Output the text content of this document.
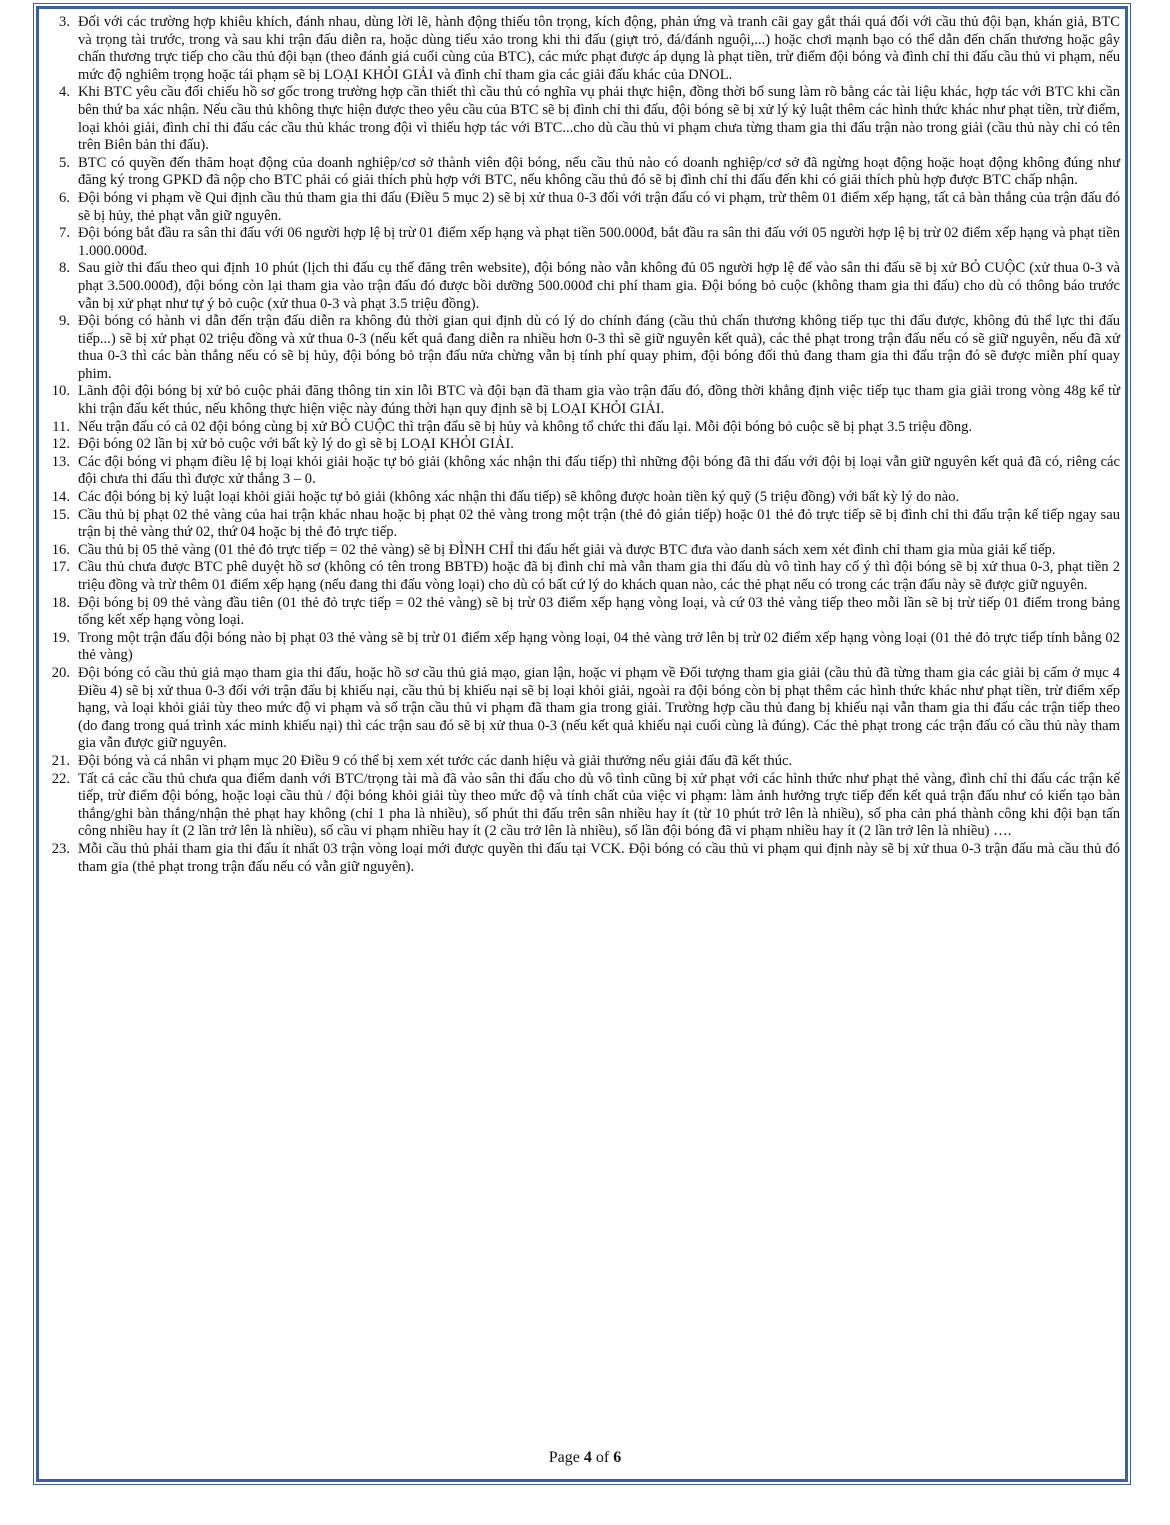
3. Đối với các trường hợp khiêu khích, đánh nhau, dùng lời lẽ, hành động thiếu tôn trọng, kích động, phản ứng và tranh cãi gay gắt thái quá đối với cầu thủ đội bạn, khán giả, BTC và trọng tài trước, trong và sau khi trận đấu diễn ra, hoặc dùng tiểu xảo trong khi thi đấu (giựt trỏ, đá/đánh nguội,...) hoặc chơi mạnh bạo có thể dẫn đến chấn thương hoặc gây chấn thương trực tiếp cho cầu thủ đội bạn (theo đánh giá cuối cùng của BTC), các mức phạt được áp dụng là phạt tiền, trừ điểm đội bóng và đình chỉ thi đấu cầu thủ vi phạm, nếu mức độ nghiêm trọng hoặc tái phạm sẽ bị LOẠI KHỎI GIẢI và đình chỉ tham gia các giải đấu khác của DNOL.
4. Khi BTC yêu cầu đối chiếu hồ sơ gốc trong trường hợp cần thiết thì cầu thủ có nghĩa vụ phải thực hiện, đồng thời bổ sung làm rõ bằng các tài liệu khác, hợp tác với BTC khi cần bên thứ ba xác nhận. Nếu cầu thủ không thực hiện được theo yêu cầu của BTC sẽ bị đình chỉ thi đấu, đội bóng sẽ bị xử lý kỷ luật thêm các hình thức khác như phạt tiền, trừ điểm, loại khỏi giải, đình chỉ thi đấu các cầu thủ khác trong đội vì thiếu hợp tác với BTC...cho dù cầu thủ vi phạm chưa từng tham gia thi đấu trận nào trong giải (cầu thủ này chỉ có tên trên Biên bản thi đấu).
5. BTC có quyền đến thăm hoạt động của doanh nghiệp/cơ sở thành viên đội bóng, nếu cầu thủ nào có doanh nghiệp/cơ sở đã ngừng hoạt động hoặc hoạt động không đúng như đăng ký trong GPKD đã nộp cho BTC phải có giải thích phù hợp với BTC, nếu không cầu thủ đó sẽ bị đình chỉ thi đấu đến khi có giải thích phù hợp được BTC chấp nhận.
6. Đội bóng vi phạm về Qui định cầu thủ tham gia thi đấu (Điều 5 mục 2) sẽ bị xử thua 0-3 đối với trận đấu có vi phạm, trừ thêm 01 điểm xếp hạng, tất cả bàn thắng của trận đấu đó sẽ bị hủy, thẻ phạt vẫn giữ nguyên.
7. Đội bóng bắt đầu ra sân thi đấu với 06 người hợp lệ bị trừ 01 điểm xếp hạng và phạt tiền 500.000đ, bắt đầu ra sân thi đấu với 05 người hợp lệ bị trừ 02 điểm xếp hạng và phạt tiền 1.000.000đ.
8. Sau giờ thi đấu theo qui định 10 phút (lịch thi đấu cụ thể đăng trên website), đội bóng nào vẫn không đủ 05 người hợp lệ để vào sân thi đấu sẽ bị xử BỎ CUỘC (xử thua 0-3 và phạt 3.500.000đ), đội bóng còn lại tham gia vào trận đấu đó được bồi dưỡng 500.000đ chi phí tham gia. Đội bóng bỏ cuộc (không tham gia thi đấu) cho dù có thông báo trước vẫn bị xử phạt như tự ý bỏ cuộc (xử thua 0-3 và phạt 3.5 triệu đồng).
9. Đội bóng có hành vi dẫn đến trận đấu diễn ra không đủ thời gian qui định dù có lý do chính đáng (cầu thủ chấn thương không tiếp tục thi đấu được, không đủ thể lực thi đấu tiếp...) sẽ bị xử phạt 02 triệu đồng và xử thua 0-3 (nếu kết quả đang diễn ra nhiều hơn 0-3 thì sẽ giữ nguyên kết quả), các thẻ phạt trong trận đấu nếu có sẽ giữ nguyên, nếu đã xử thua 0-3 thì các bàn thắng nếu có sẽ bị hủy, đội bóng bỏ trận đấu nửa chừng vẫn bị tính phí quay phim, đội bóng đối thủ đang tham gia thi đấu trận đó sẽ được miễn phí quay phim.
10. Lãnh đội đội bóng bị xử bỏ cuộc phải đăng thông tin xin lỗi BTC và đội bạn đã tham gia vào trận đấu đó, đồng thời khẳng định việc tiếp tục tham gia giải trong vòng 48g kể từ khi trận đấu kết thúc, nếu không thực hiện việc này đúng thời hạn quy định sẽ bị LOẠI KHỎI GIẢI.
11. Nếu trận đấu có cả 02 đội bóng cùng bị xử BỎ CUỘC thì trận đấu sẽ bị hủy và không tổ chức thi đấu lại. Mỗi đội bóng bỏ cuộc sẽ bị phạt 3.5 triệu đồng.
12. Đội bóng 02 lần bị xử bỏ cuộc với bất kỳ lý do gì sẽ bị LOẠI KHỎI GIẢI.
13. Các đội bóng vi phạm điều lệ bị loại khỏi giải hoặc tự bỏ giải (không xác nhận thi đấu tiếp) thì những đội bóng đã thi đấu với đội bị loại vẫn giữ nguyên kết quả đã có, riêng các đội chưa thi đấu thì được xử thắng 3 – 0.
14. Các đội bóng bị kỷ luật loại khỏi giải hoặc tự bỏ giải (không xác nhận thi đấu tiếp) sẽ không được hoàn tiền ký quỹ (5 triệu đồng) với bất kỳ lý do nào.
15. Cầu thủ bị phạt 02 thẻ vàng của hai trận khác nhau hoặc bị phạt 02 thẻ vàng trong một trận (thẻ đỏ gián tiếp) hoặc 01 thẻ đỏ trực tiếp sẽ bị đình chỉ thi đấu trận kế tiếp ngay sau trận bị thẻ vàng thứ 02, thứ 04 hoặc bị thẻ đỏ trực tiếp.
16. Cầu thủ bị 05 thẻ vàng (01 thẻ đỏ trực tiếp = 02 thẻ vàng) sẽ bị ĐÌNH CHỈ thi đấu hết giải và được BTC đưa vào danh sách xem xét đình chỉ tham gia mùa giải kế tiếp.
17. Cầu thủ chưa được BTC phê duyệt hồ sơ (không có tên trong BBTĐ) hoặc đã bị đình chỉ mà vẫn tham gia thi đấu dù vô tình hay cố ý thì đội bóng sẽ bị xử thua 0-3, phạt tiền 2 triệu đồng và trừ thêm 01 điểm xếp hạng (nếu đang thi đấu vòng loại) cho dù có bất cứ lý do khách quan nào, các thẻ phạt nếu có trong các trận đấu này sẽ được giữ nguyên.
18. Đội bóng bị 09 thẻ vàng đầu tiên (01 thẻ đỏ trực tiếp = 02 thẻ vàng) sẽ bị trừ 03 điểm xếp hạng vòng loại, và cứ 03 thẻ vàng tiếp theo mỗi lần sẽ bị trừ tiếp 01 điểm trong bảng tổng kết xếp hạng vòng loại.
19. Trong một trận đấu đội bóng nào bị phạt 03 thẻ vàng sẽ bị trừ 01 điểm xếp hạng vòng loại, 04 thẻ vàng trở lên bị trừ 02 điểm xếp hạng vòng loại (01 thẻ đỏ trực tiếp tính bằng 02 thẻ vàng)
20. Đội bóng có cầu thủ giả mạo tham gia thi đấu, hoặc hồ sơ cầu thủ giả mạo, gian lận, hoặc vi phạm về Đối tượng tham gia giải (cầu thủ đã từng tham gia các giải bị cấm ở mục 4 Điều 4) sẽ bị xử thua 0-3 đối với trận đấu bị khiếu nại, cầu thủ bị khiếu nại sẽ bị loại khỏi giải, ngoài ra đội bóng còn bị phạt thêm các hình thức khác như phạt tiền, trừ điểm xếp hạng, và loại khỏi giải tùy theo mức độ vi phạm và số trận cầu thủ vi phạm đã tham gia trong giải. Trường hợp cầu thủ đang bị khiếu nại vẫn tham gia thi đấu các trận tiếp theo (do đang trong quá trình xác minh khiếu nại) thì các trận sau đó sẽ bị xử thua 0-3 (nếu kết quả khiếu nại cuối cùng là đúng). Các thẻ phạt trong các trận đấu có cầu thủ này tham gia vẫn được giữ nguyên.
21. Đội bóng và cá nhân vi phạm mục 20 Điều 9 có thể bị xem xét tước các danh hiệu và giải thưởng nếu giải đấu đã kết thúc.
22. Tất cả các cầu thủ chưa qua điểm danh với BTC/trọng tài mà đã vào sân thi đấu cho dù vô tình cũng bị xử phạt với các hình thức như phạt thẻ vàng, đình chỉ thi đấu các trận kế tiếp, trừ điểm đội bóng, hoặc loại cầu thủ / đội bóng khỏi giải tùy theo mức độ và tính chất của việc vi phạm: làm ảnh hưởng trực tiếp đến kết quả trận đấu như có kiến tạo bàn thắng/ghi bàn thắng/nhận thẻ phạt hay không (chỉ 1 pha là nhiều), số phút thi đấu trên sân nhiều hay ít (từ 10 phút trở lên là nhiều), số pha cản phá thành công khi đội bạn tấn công nhiều hay ít (2 lần trở lên là nhiều), số cầu vi phạm nhiều hay ít (2 cầu trở lên là nhiều), số lần đội bóng đã vi phạm nhiều hay ít (2 lần trở lên là nhiều) ….
23. Mỗi cầu thủ phải tham gia thi đấu ít nhất 03 trận vòng loại mới được quyền thi đấu tại VCK. Đội bóng có cầu thủ vi phạm qui định này sẽ bị xử thua 0-3 trận đấu mà cầu thủ đó tham gia (thẻ phạt trong trận đấu nếu có vẫn giữ nguyên).
Page 4 of 6
